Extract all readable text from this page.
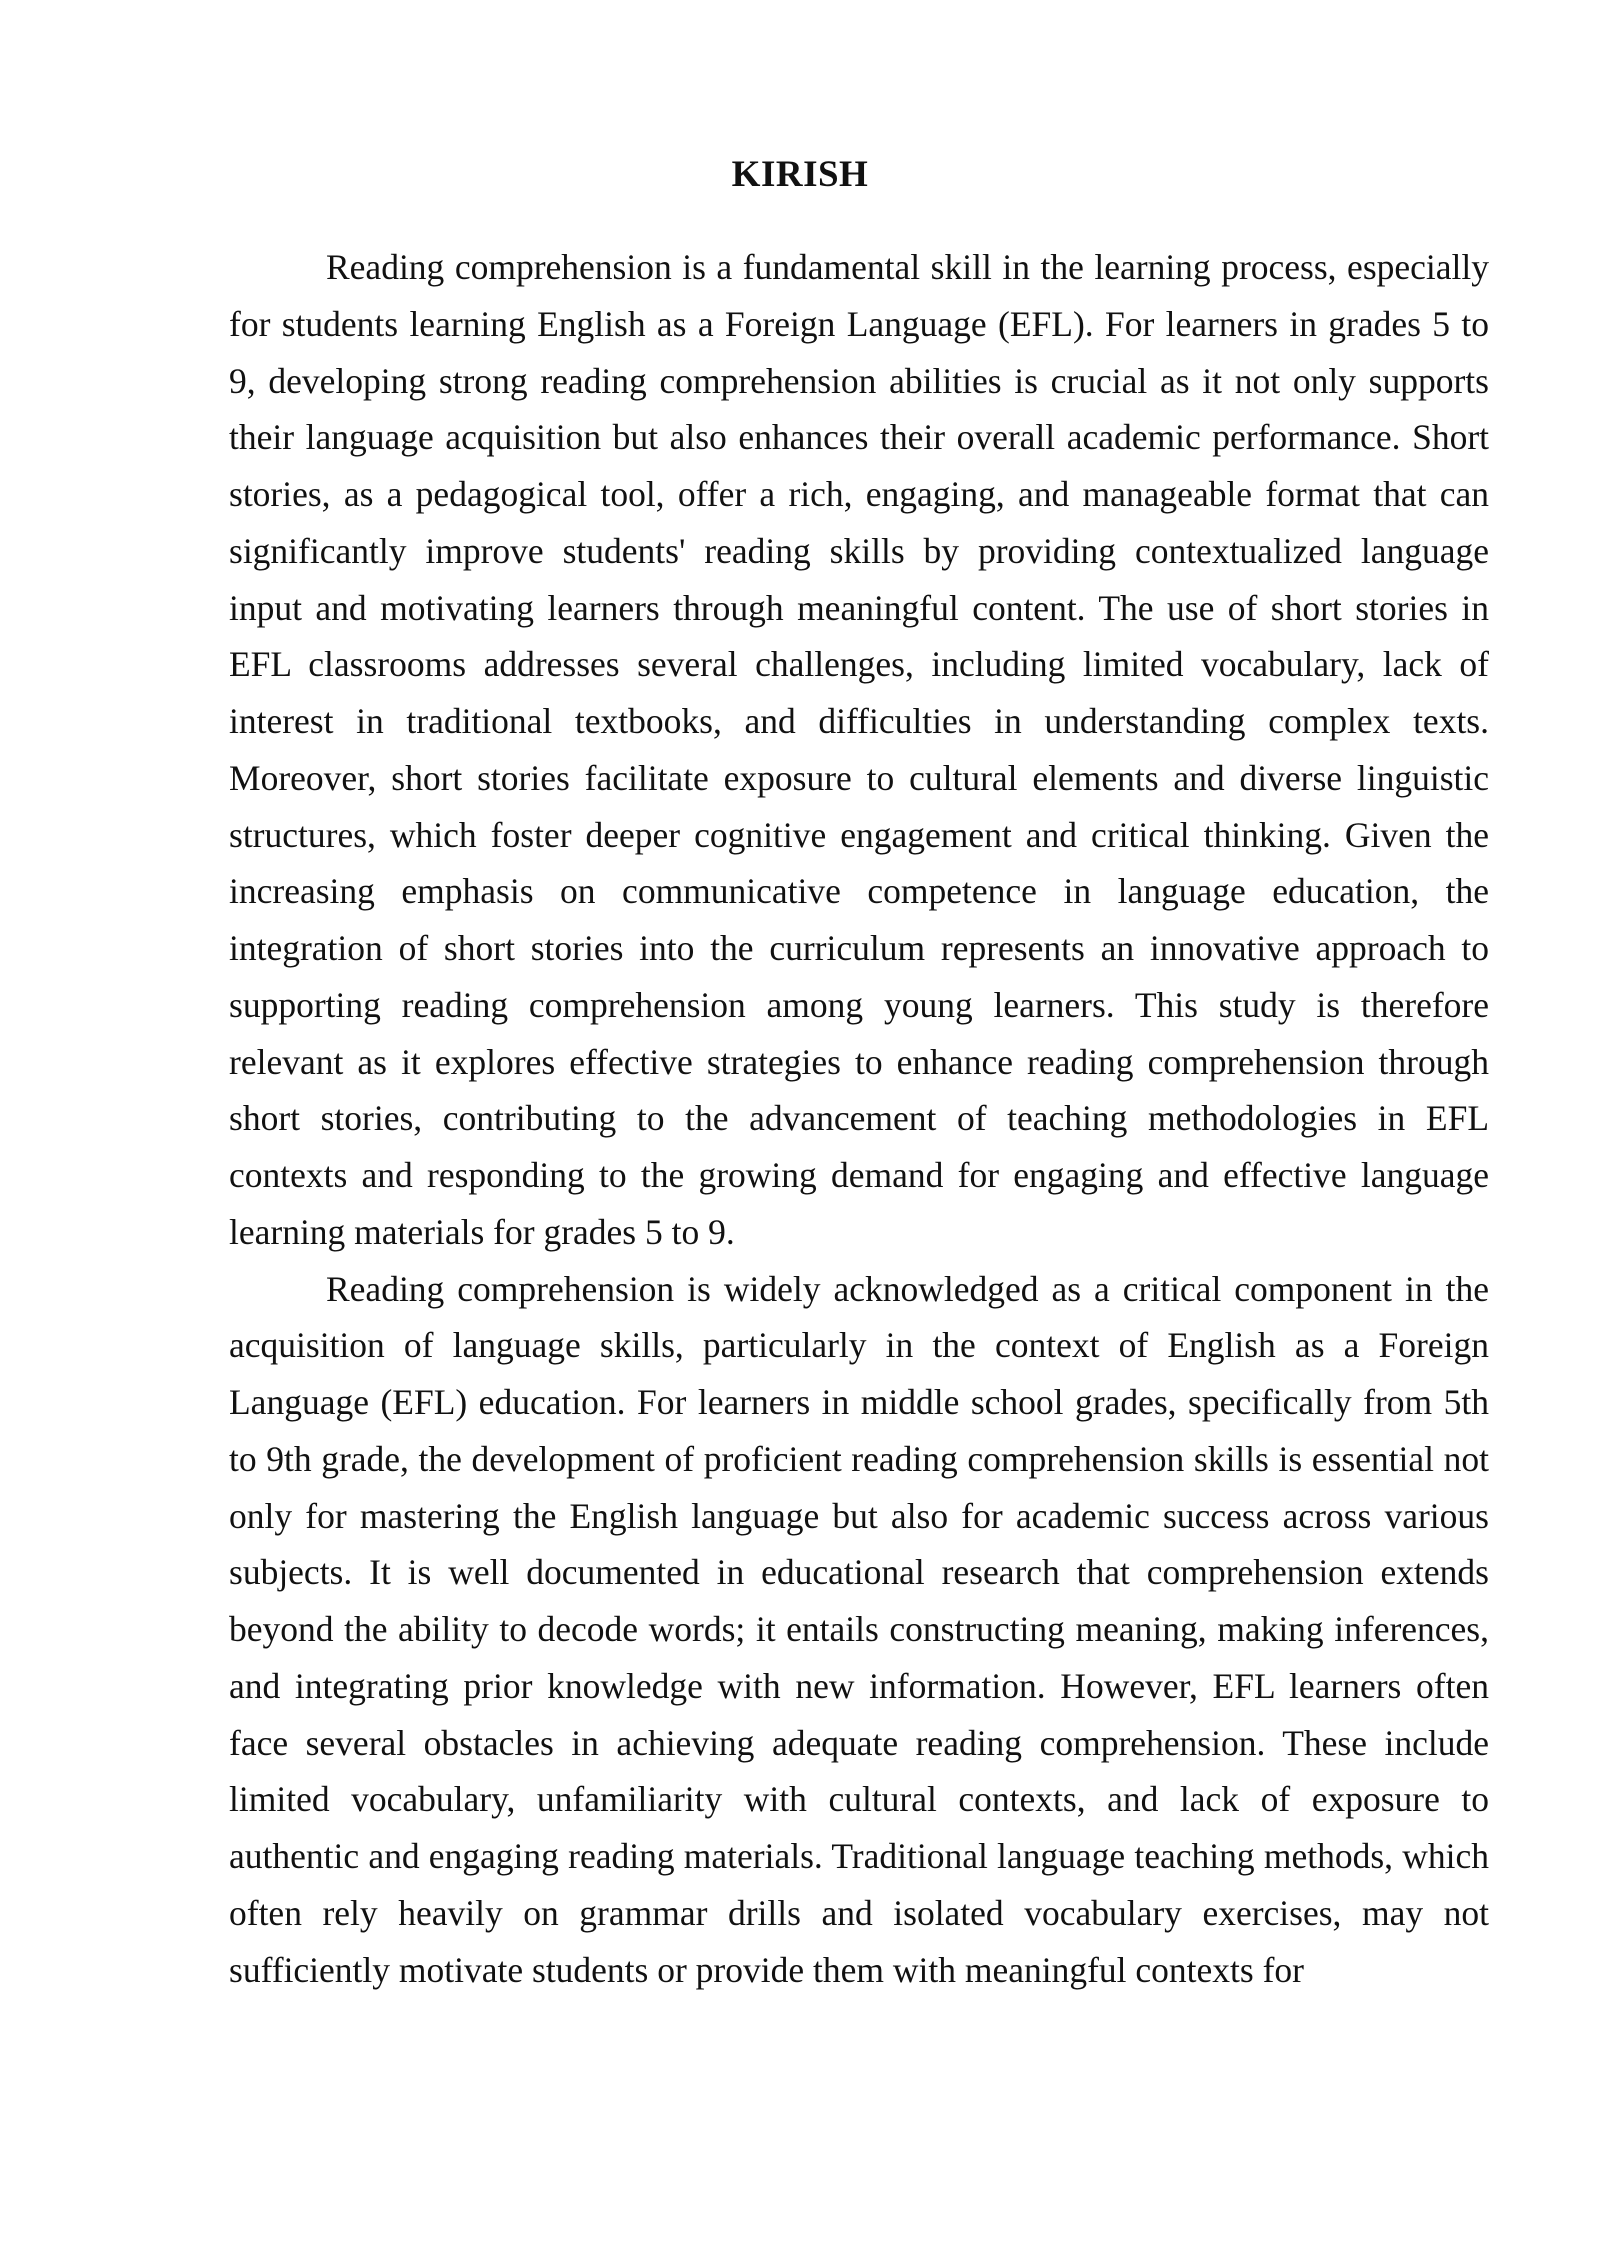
KIRISH

Reading comprehension is a fundamental skill in the learning process, especially for students learning English as a Foreign Language (EFL). For learners in grades 5 to 9, developing strong reading comprehension abilities is crucial as it not only supports their language acquisition but also enhances their overall academic performance. Short stories, as a pedagogical tool, offer a rich, engaging, and manageable format that can significantly improve students' reading skills by providing contextualized language input and motivating learners through meaningful content. The use of short stories in EFL classrooms addresses several challenges, including limited vocabulary, lack of interest in traditional textbooks, and difficulties in understanding complex texts. Moreover, short stories facilitate exposure to cultural elements and diverse linguistic structures, which foster deeper cognitive engagement and critical thinking. Given the increasing emphasis on communicative competence in language education, the integration of short stories into the curriculum represents an innovative approach to supporting reading comprehension among young learners. This study is therefore relevant as it explores effective strategies to enhance reading comprehension through short stories, contributing to the advancement of teaching methodologies in EFL contexts and responding to the growing demand for engaging and effective language learning materials for grades 5 to 9.

Reading comprehension is widely acknowledged as a critical component in the acquisition of language skills, particularly in the context of English as a Foreign Language (EFL) education. For learners in middle school grades, specifically from 5th to 9th grade, the development of proficient reading comprehension skills is essential not only for mastering the English language but also for academic success across various subjects. It is well documented in educational research that comprehension extends beyond the ability to decode words; it entails constructing meaning, making inferences, and integrating prior knowledge with new information. However, EFL learners often face several obstacles in achieving adequate reading comprehension. These include limited vocabulary, unfamiliarity with cultural contexts, and lack of exposure to authentic and engaging reading materials. Traditional language teaching methods, which often rely heavily on grammar drills and isolated vocabulary exercises, may not sufficiently motivate students or provide them with meaningful contexts for
